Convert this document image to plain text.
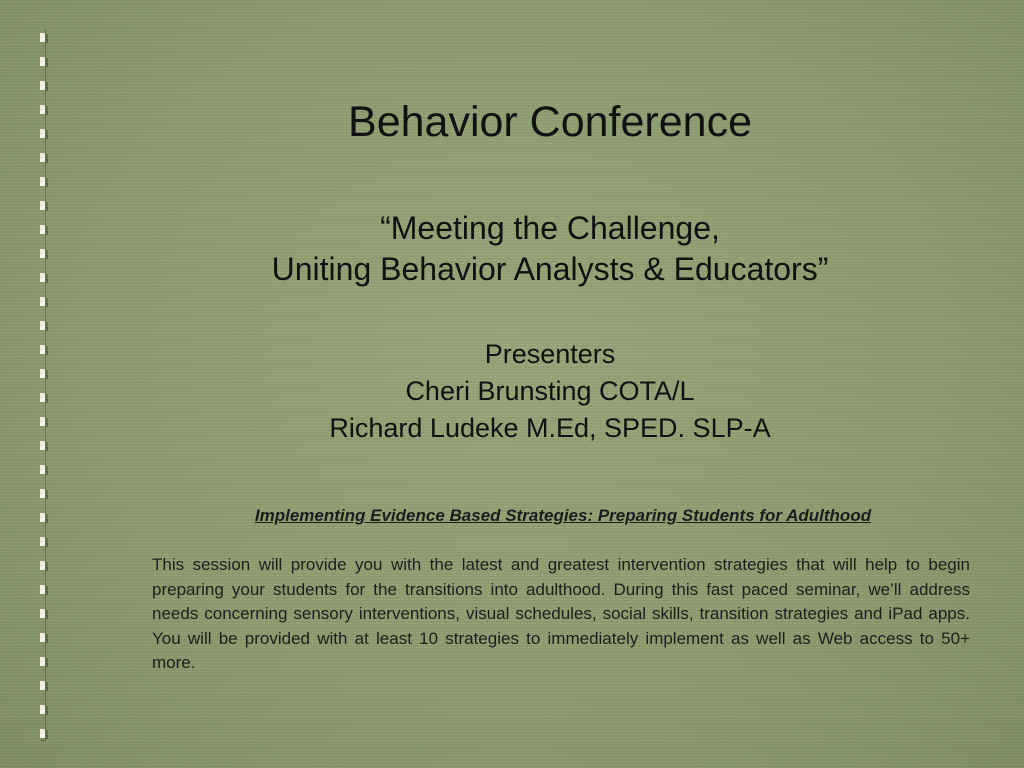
Behavior Conference
“Meeting the Challenge,
Uniting Behavior Analysts & Educators”
Presenters
Cheri Brunsting COTA/L
Richard Ludeke M.Ed, SPED. SLP-A
Implementing Evidence Based Strategies: Preparing Students for Adulthood
This session will provide you with the latest and greatest intervention strategies that will help to begin preparing your students for the transitions into adulthood. During this fast paced seminar, we’ll address needs concerning sensory interventions, visual schedules, social skills, transition strategies and iPad apps. You will be provided with at least 10 strategies to immediately implement as well as Web access to 50+ more.
